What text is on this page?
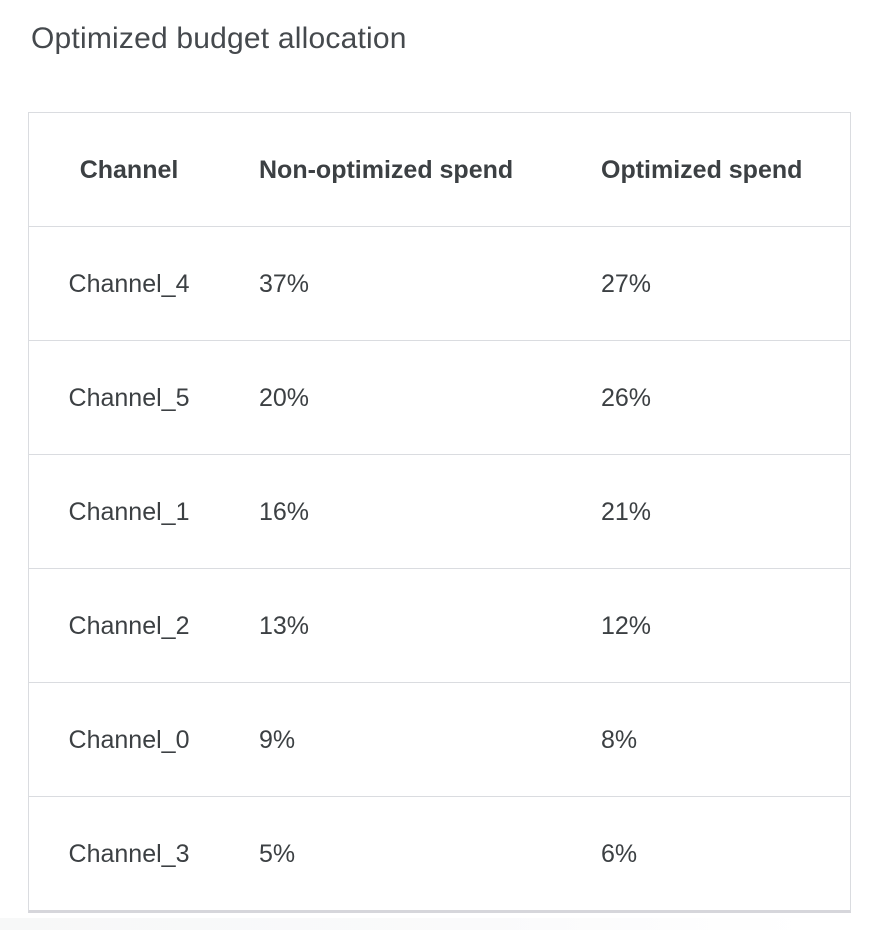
Optimized budget allocation
Channel	Non-optimized spend	Optimized spend
Channel_4	37%	27%
Channel_5	20%	26%
Channel_1	16%	21%
Channel_2	13%	12%
Channel_0	9%	8%
Channel_3	5%	6%
